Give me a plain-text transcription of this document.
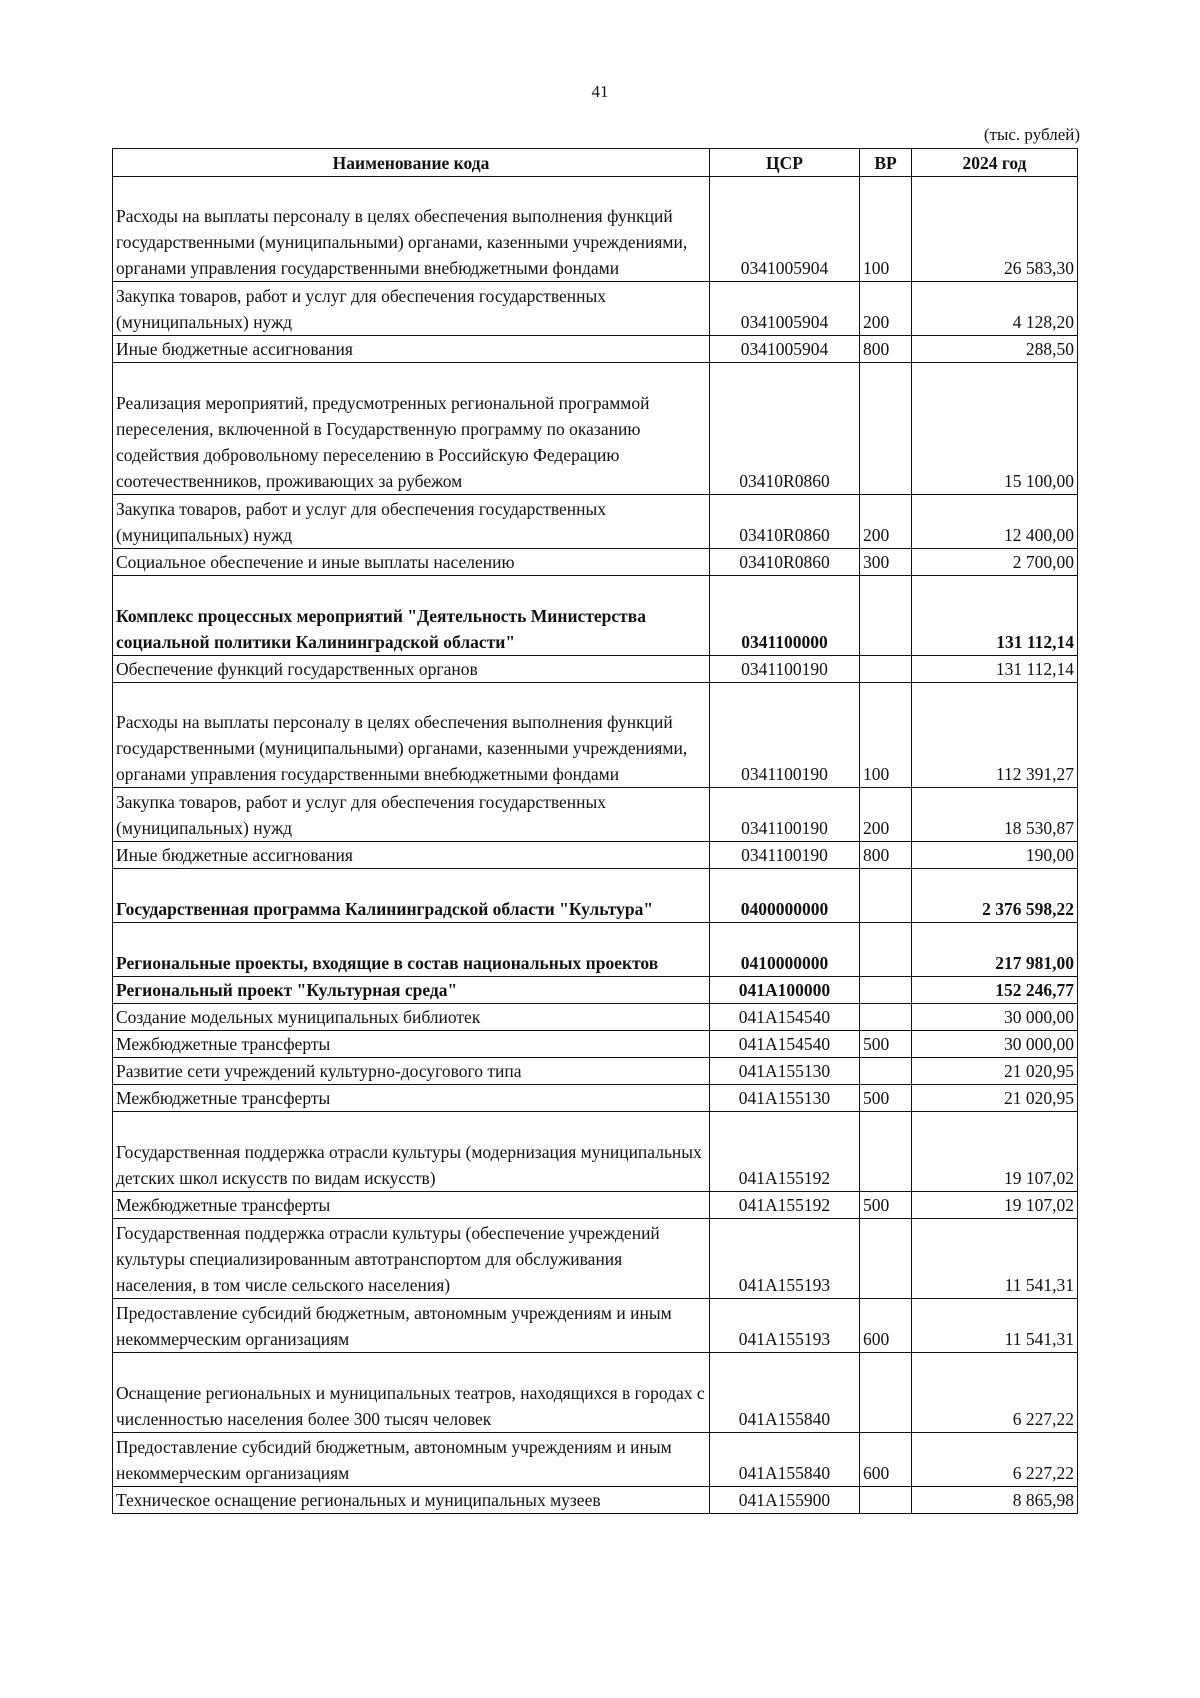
41
(тыс. рублей)
Наименование кода	ЦСР	ВР	2024 год
Расходы на выплаты персоналу в целях обеспечения выполнения функций государственными (муниципальными) органами, казенными учреждениями, органами управления государственными внебюджетными фондами	0341005904	100	26 583,30
Закупка товаров, работ и услуг для обеспечения государственных (муниципальных) нужд	0341005904	200	4 128,20
Иные бюджетные ассигнования	0341005904	800	288,50
Реализация мероприятий, предусмотренных региональной программой переселения, включенной в Государственную программу по оказанию содействия добровольному переселению в Российскую Федерацию соотечественников, проживающих за рубежом	03410R0860		15 100,00
Закупка товаров, работ и услуг для обеспечения государственных (муниципальных) нужд	03410R0860	200	12 400,00
Социальное обеспечение и иные выплаты населению	03410R0860	300	2 700,00
Комплекс процессных мероприятий "Деятельность Министерства социальной политики Калининградской области"	0341100000		131 112,14
Обеспечение функций государственных органов	0341100190		131 112,14
Расходы на выплаты персоналу в целях обеспечения выполнения функций государственными (муниципальными) органами, казенными учреждениями, органами управления государственными внебюджетными фондами	0341100190	100	112 391,27
Закупка товаров, работ и услуг для обеспечения государственных (муниципальных) нужд	0341100190	200	18 530,87
Иные бюджетные ассигнования	0341100190	800	190,00
Государственная программа Калининградской области "Культура"	0400000000		2 376 598,22
Региональные проекты, входящие в состав национальных проектов	0410000000		217 981,00
Региональный проект "Культурная среда"	041A100000		152 246,77
Создание модельных муниципальных библиотек	041A154540		30 000,00
Межбюджетные трансферты	041A154540	500	30 000,00
Развитие сети учреждений культурно-досугового типа	041A155130		21 020,95
Межбюджетные трансферты	041A155130	500	21 020,95
Государственная поддержка отрасли культуры (модернизация муниципальных детских школ искусств по видам искусств)	041A155192		19 107,02
Межбюджетные трансферты	041A155192	500	19 107,02
Государственная поддержка отрасли культуры (обеспечение учреждений культуры специализированным автотранспортом для обслуживания населения, в том числе сельского населения)	041A155193		11 541,31
Предоставление субсидий бюджетным, автономным учреждениям и иным некоммерческим организациям	041A155193	600	11 541,31
Оснащение региональных и муниципальных театров, находящихся в городах с численностью населения более 300 тысяч человек	041A155840		6 227,22
Предоставление субсидий бюджетным, автономным учреждениям и иным некоммерческим организациям	041A155840	600	6 227,22
Техническое оснащение региональных и муниципальных музеев	041A155900		8 865,98
